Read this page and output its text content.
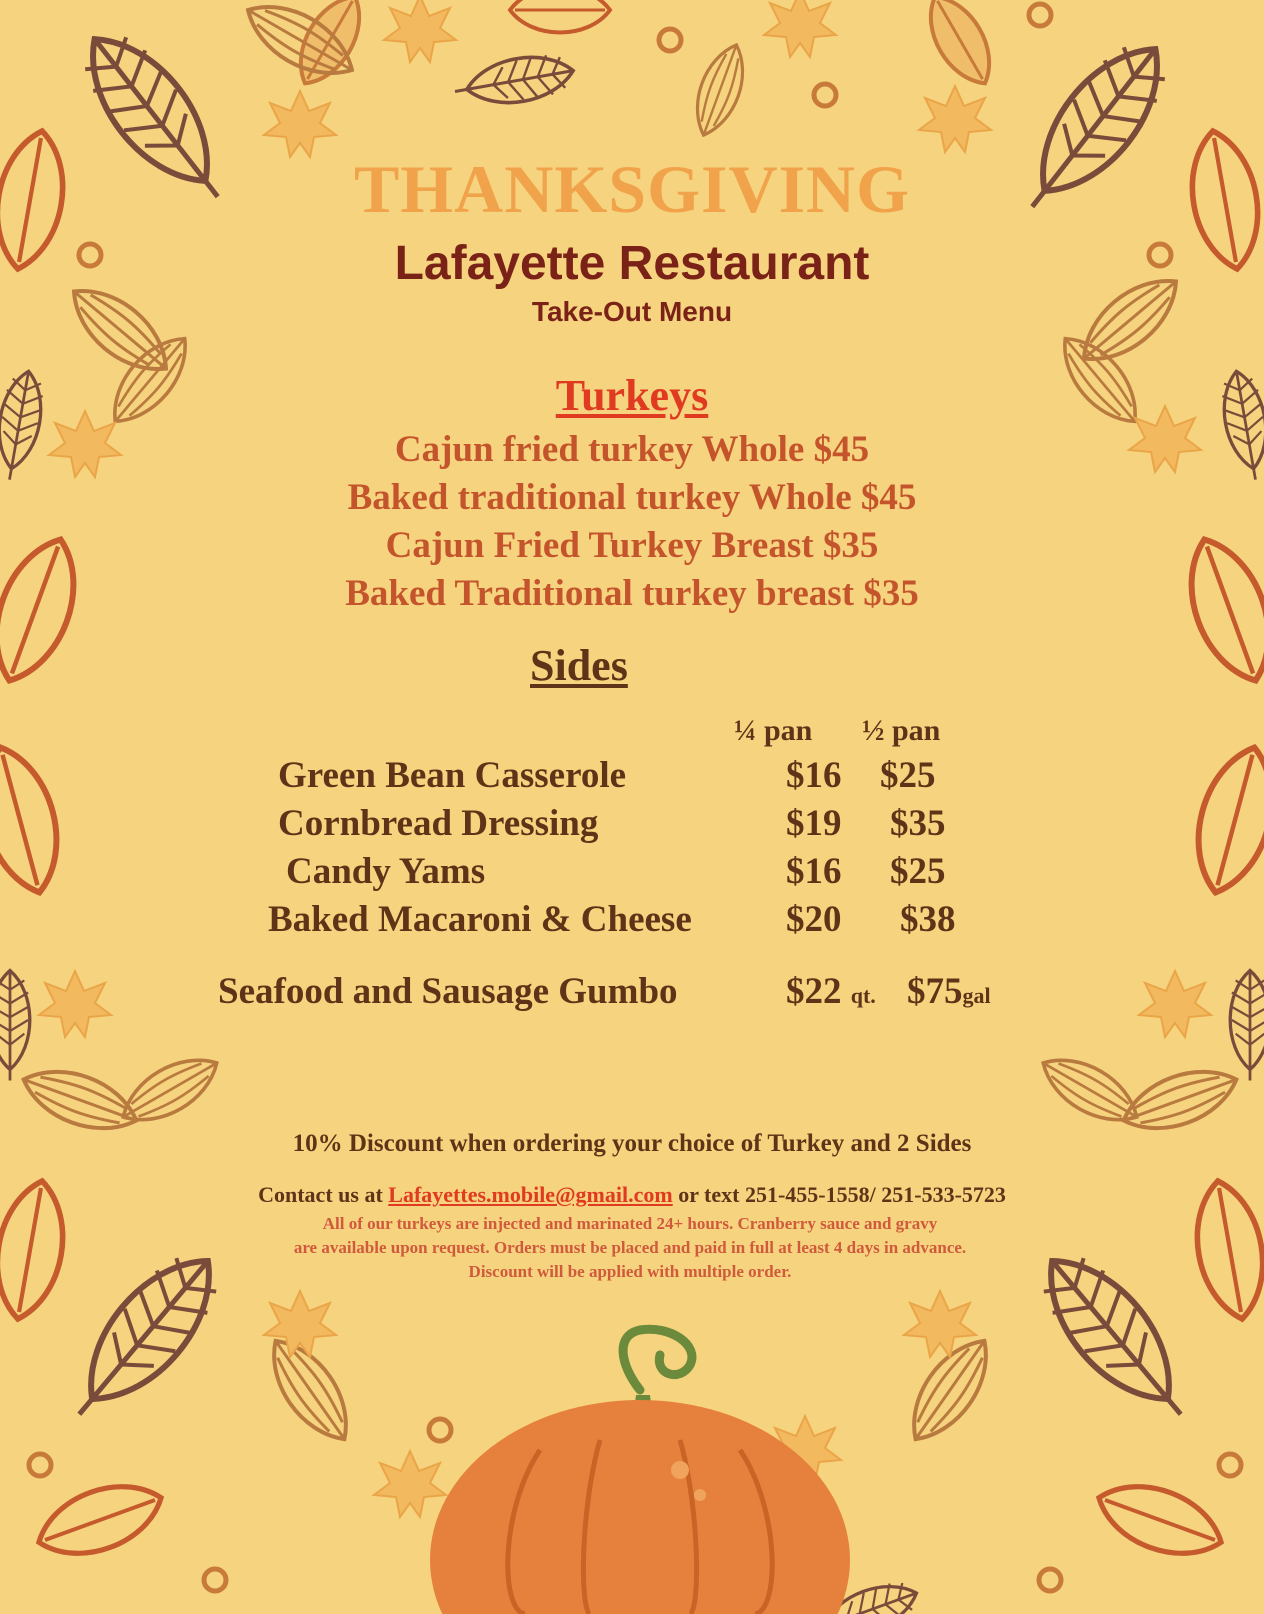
THANKSGIVING
Lafayette Restaurant
Take-Out Menu
Turkeys
Cajun fried turkey Whole $45
Baked traditional turkey Whole $45
Cajun Fried Turkey Breast $35
Baked Traditional turkey breast $35
Sides
¼ pan ½ pan
Green Bean Casserole	$16 $25
Cornbread Dressing	$19 $35
Candy Yams	$16 $25
Baked Macaroni & Cheese	$20 $38
Seafood and Sausage Gumbo	$22 qt. $75gal
10% Discount when ordering your choice of Turkey and 2 Sides
Contact us at Lafayettes.mobile@gmail.com or text 251-455-1558/ 251-533-5723
All of our turkeys are injected and marinated 24+ hours. Cranberry sauce and gravy
are available upon request. Orders must be placed and paid in full at least 4 days in advance.
Discount will be applied with multiple order.
